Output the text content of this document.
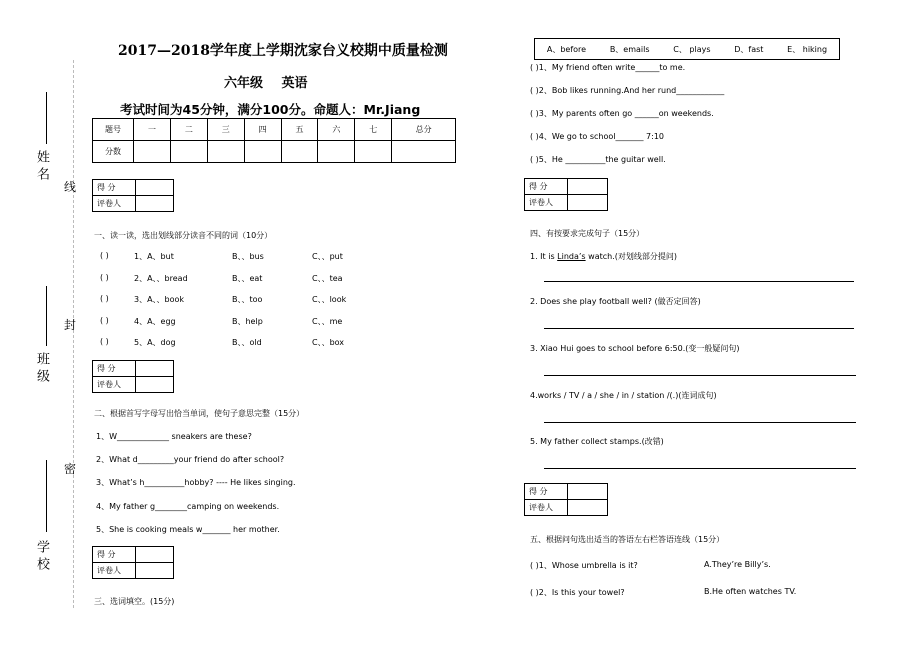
姓 名
班 级
学 校
线
封
密
2017—2018学年度上学期沈家台义校期中质量检测
六年级 英语
考试时间为45分钟，满分100分。命题人：Mr.Jiang
题号	一	二	三	四	五	六	七	总分
分数								
得 分	
评卷人	
一、读一读，选出划线部分读音不同的词（10分）
( )	1、A、but	B、、bus	C、、put
( )	2、A、、bread	B、、eat	C、、tea
( )	3、A、、book	B、、too	C、、look
( )	4、A、egg	B、help	C、、me
( )	5、A、dog	B、、old	C、、box
得 分	
评卷人	
二、根据首写字母写出恰当单词，使句子意思完整（15分）
1、W_____________ sneakers are these?
2、What d_________your friend do after school?
3、What’s h__________hobby? ---- He likes singing.
4、My father g________camping on weekends.
5、She is cooking meals w_______ her mother.
得 分	
评卷人	
三、选词填空。(15分)
A、before	B、emails	C、 plays	D、fast	E、 hiking
( )1、My friend often write______to me.
( )2、Bob likes running.And her rund____________
( )3、My parents often go ______on weekends.
( )4、We go to school_______ 7:10
( )5、He __________the guitar well.
得 分	
评卷人	
四、有按要求完成句子（15分）
1. It is Linda’s watch.(对划线部分提问)
2. Does she play football well? (做否定回答)
3. Xiao Hui goes to school before 6:50.(变一般疑问句)
4.works / TV / a / she / in / station /(.)(连词成句)
5. My father collect stamps.(改错)
得 分	
评卷人	
五、根据问句选出适当的答语左右栏答语连线（15分）
( )1、Whose umbrella is it?	A.They’re Billy’s.
( )2、Is this your towel?	B.He often watches TV.
